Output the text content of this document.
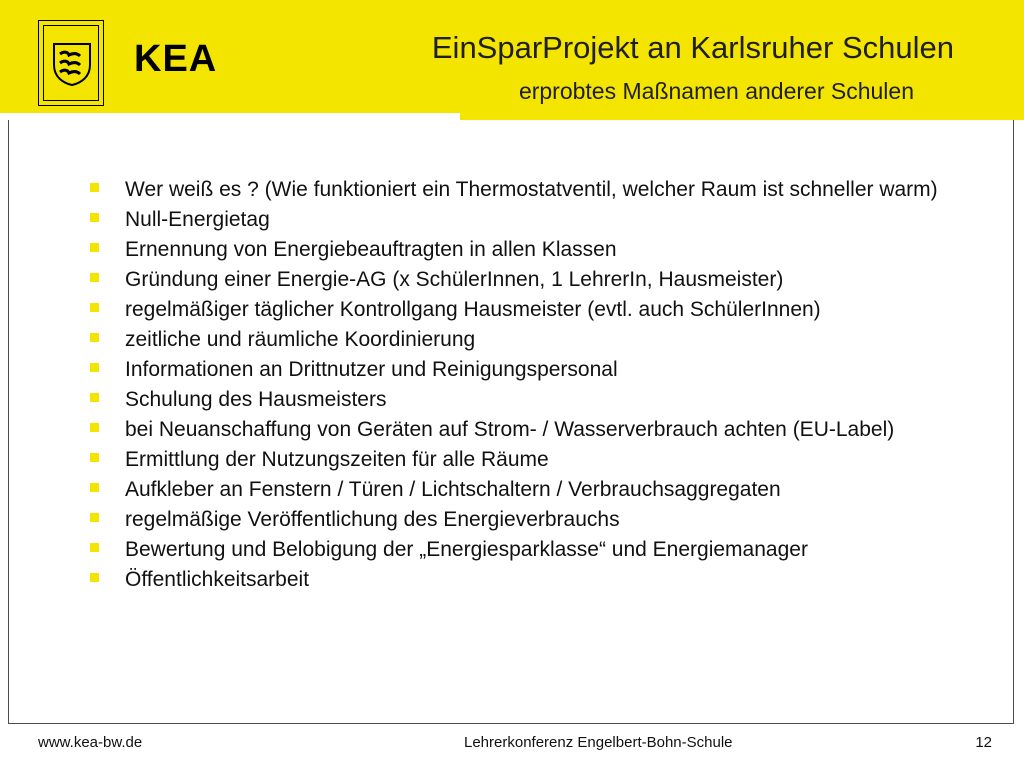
KEA	EinSparProjekt an Karlsruher Schulen
erprobtes Maßnamen anderer Schulen
Wer weiß es ? (Wie funktioniert ein Thermostatventil, welcher Raum ist schneller warm)
Null-Energietag
Ernennung von Energiebeauftragten in allen Klassen
Gründung einer Energie-AG (x SchülerInnen, 1 LehrerIn, Hausmeister)
regelmäßiger täglicher Kontrollgang Hausmeister (evtl. auch SchülerInnen)
zeitliche und räumliche Koordinierung
Informationen an Drittnutzer und Reinigungspersonal
Schulung des Hausmeisters
bei Neuanschaffung von Geräten auf Strom- / Wasserverbrauch achten (EU-Label)
Ermittlung der Nutzungszeiten für alle Räume
Aufkleber an Fenstern / Türen / Lichtschaltern / Verbrauchsaggregaten
regelmäßige Veröffentlichung des Energieverbrauchs
Bewertung und Belobigung der „Energiesparklasse“ und Energiemanager
Öffentlichkeitsarbeit
www.kea-bw.de	Lehrerkonferenz Engelbert-Bohn-Schule	12
